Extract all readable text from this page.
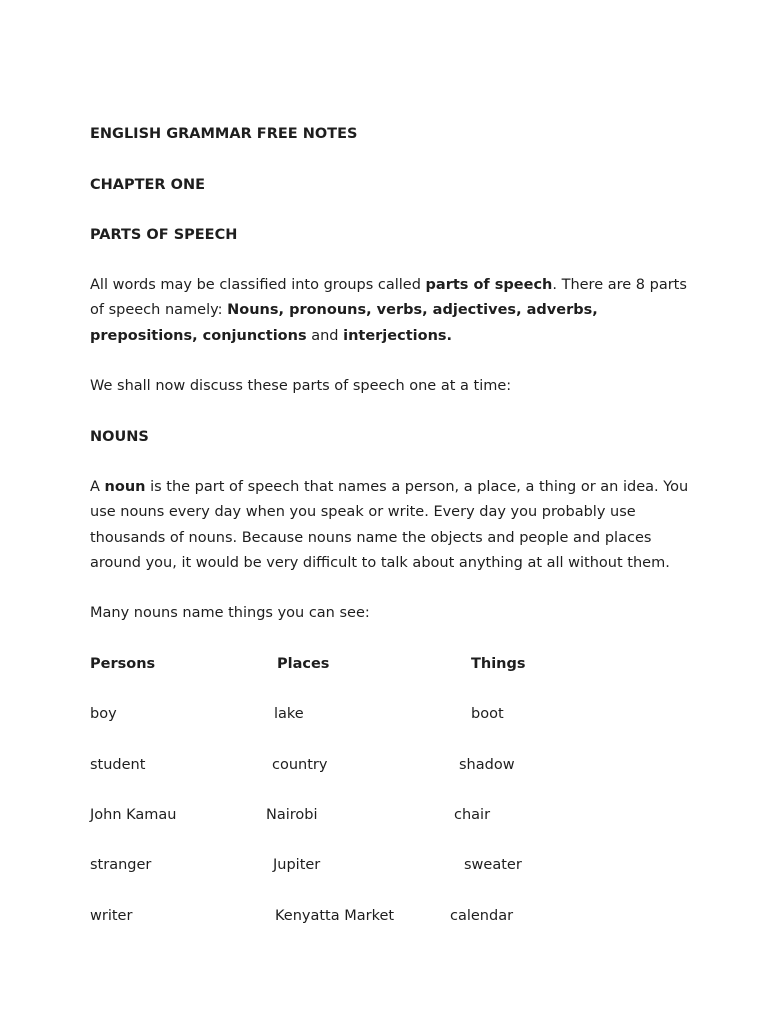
ENGLISH GRAMMAR FREE NOTES
CHAPTER ONE
PARTS OF SPEECH
All words may be classified into groups called parts of speech. There are 8 parts of speech namely: Nouns, pronouns, verbs, adjectives, adverbs, prepositions, conjunctions and interjections.
We shall now discuss these parts of speech one at a time:
NOUNS
A noun is the part of speech that names a person, a place, a thing or an idea. You use nouns every day when you speak or write. Every day you probably use thousands of nouns. Because nouns name the objects and people and places around you, it would be very difficult to talk about anything at all without them.
Many nouns name things you can see:
Persons	Places	Things
boy	lake	boot
student	country	shadow
John Kamau	Nairobi	chair
stranger	Jupiter	sweater
writer	Kenyatta Market	calendar
